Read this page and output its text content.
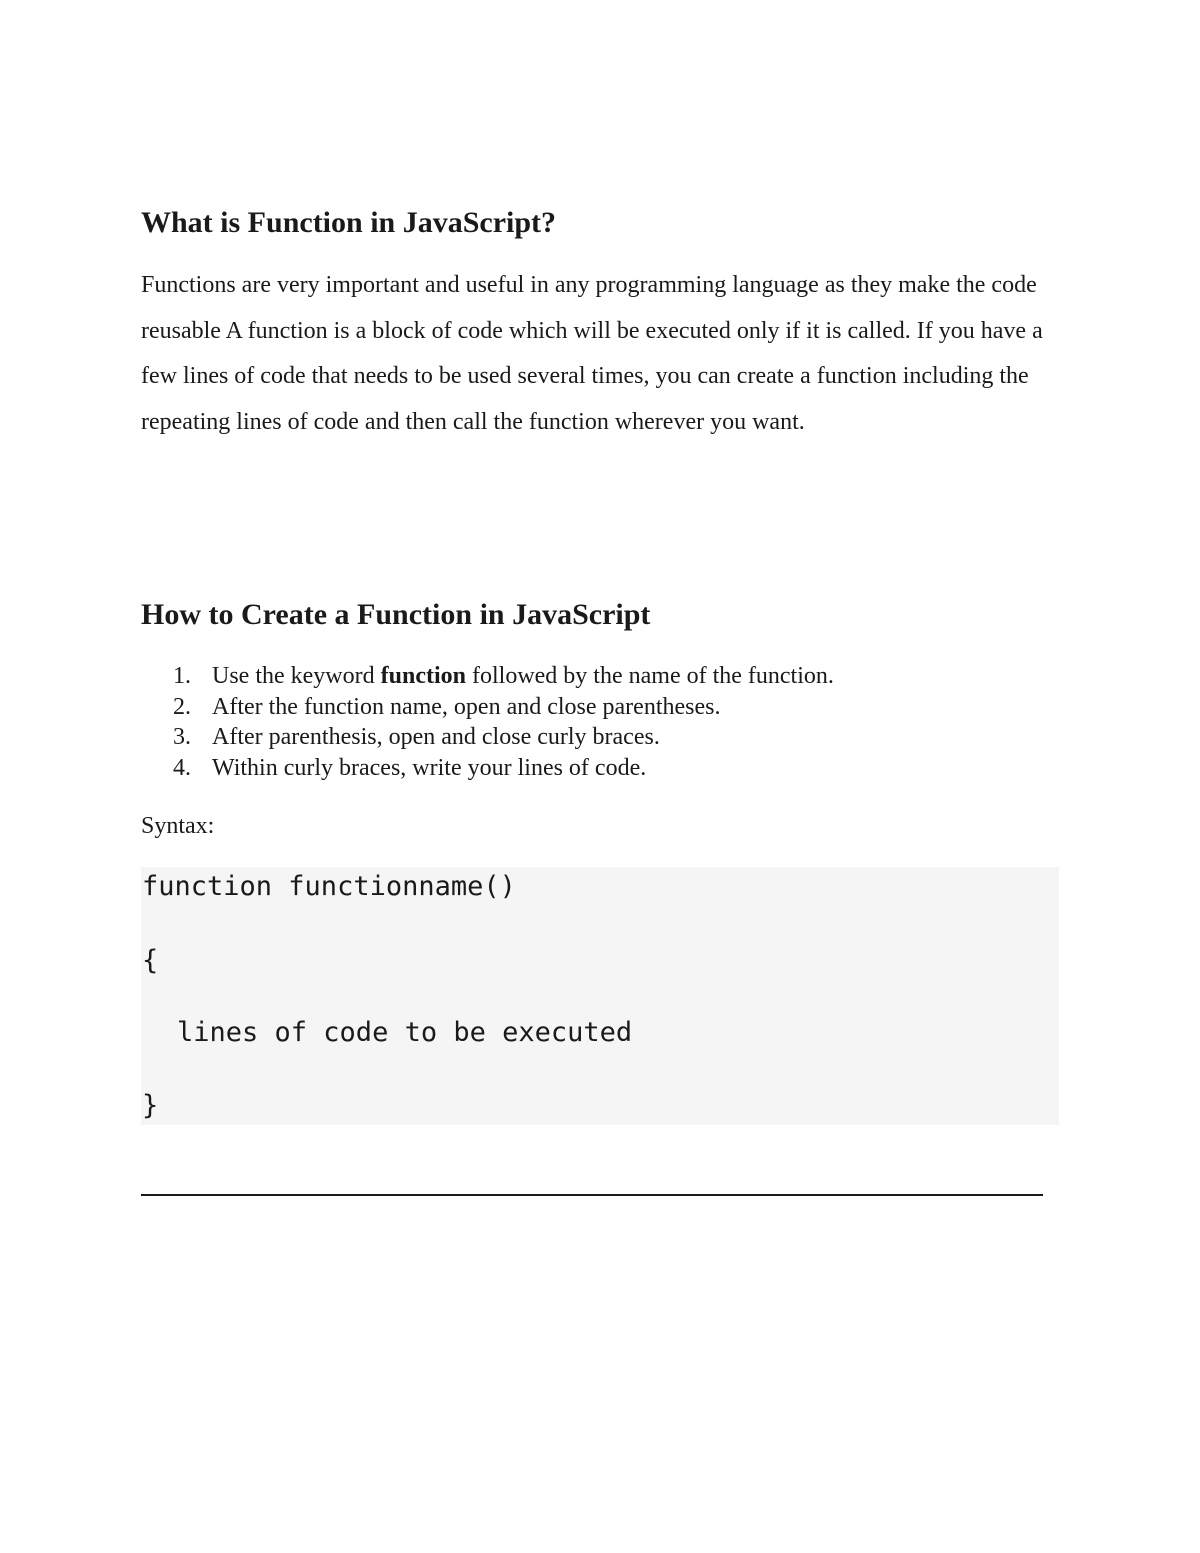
What is Function in JavaScript?

Functions are very important and useful in any programming language as they make the code reusable A function is a block of code which will be executed only if it is called. If you have a few lines of code that needs to be used several times, you can create a function including the repeating lines of code and then call the function wherever you want.

How to Create a Function in JavaScript
1. Use the keyword function followed by the name of the function.
2. After the function name, open and close parentheses.
3. After parenthesis, open and close curly braces.
4. Within curly braces, write your lines of code.

Syntax:

function functionname()
{
lines of code to be executed
}
